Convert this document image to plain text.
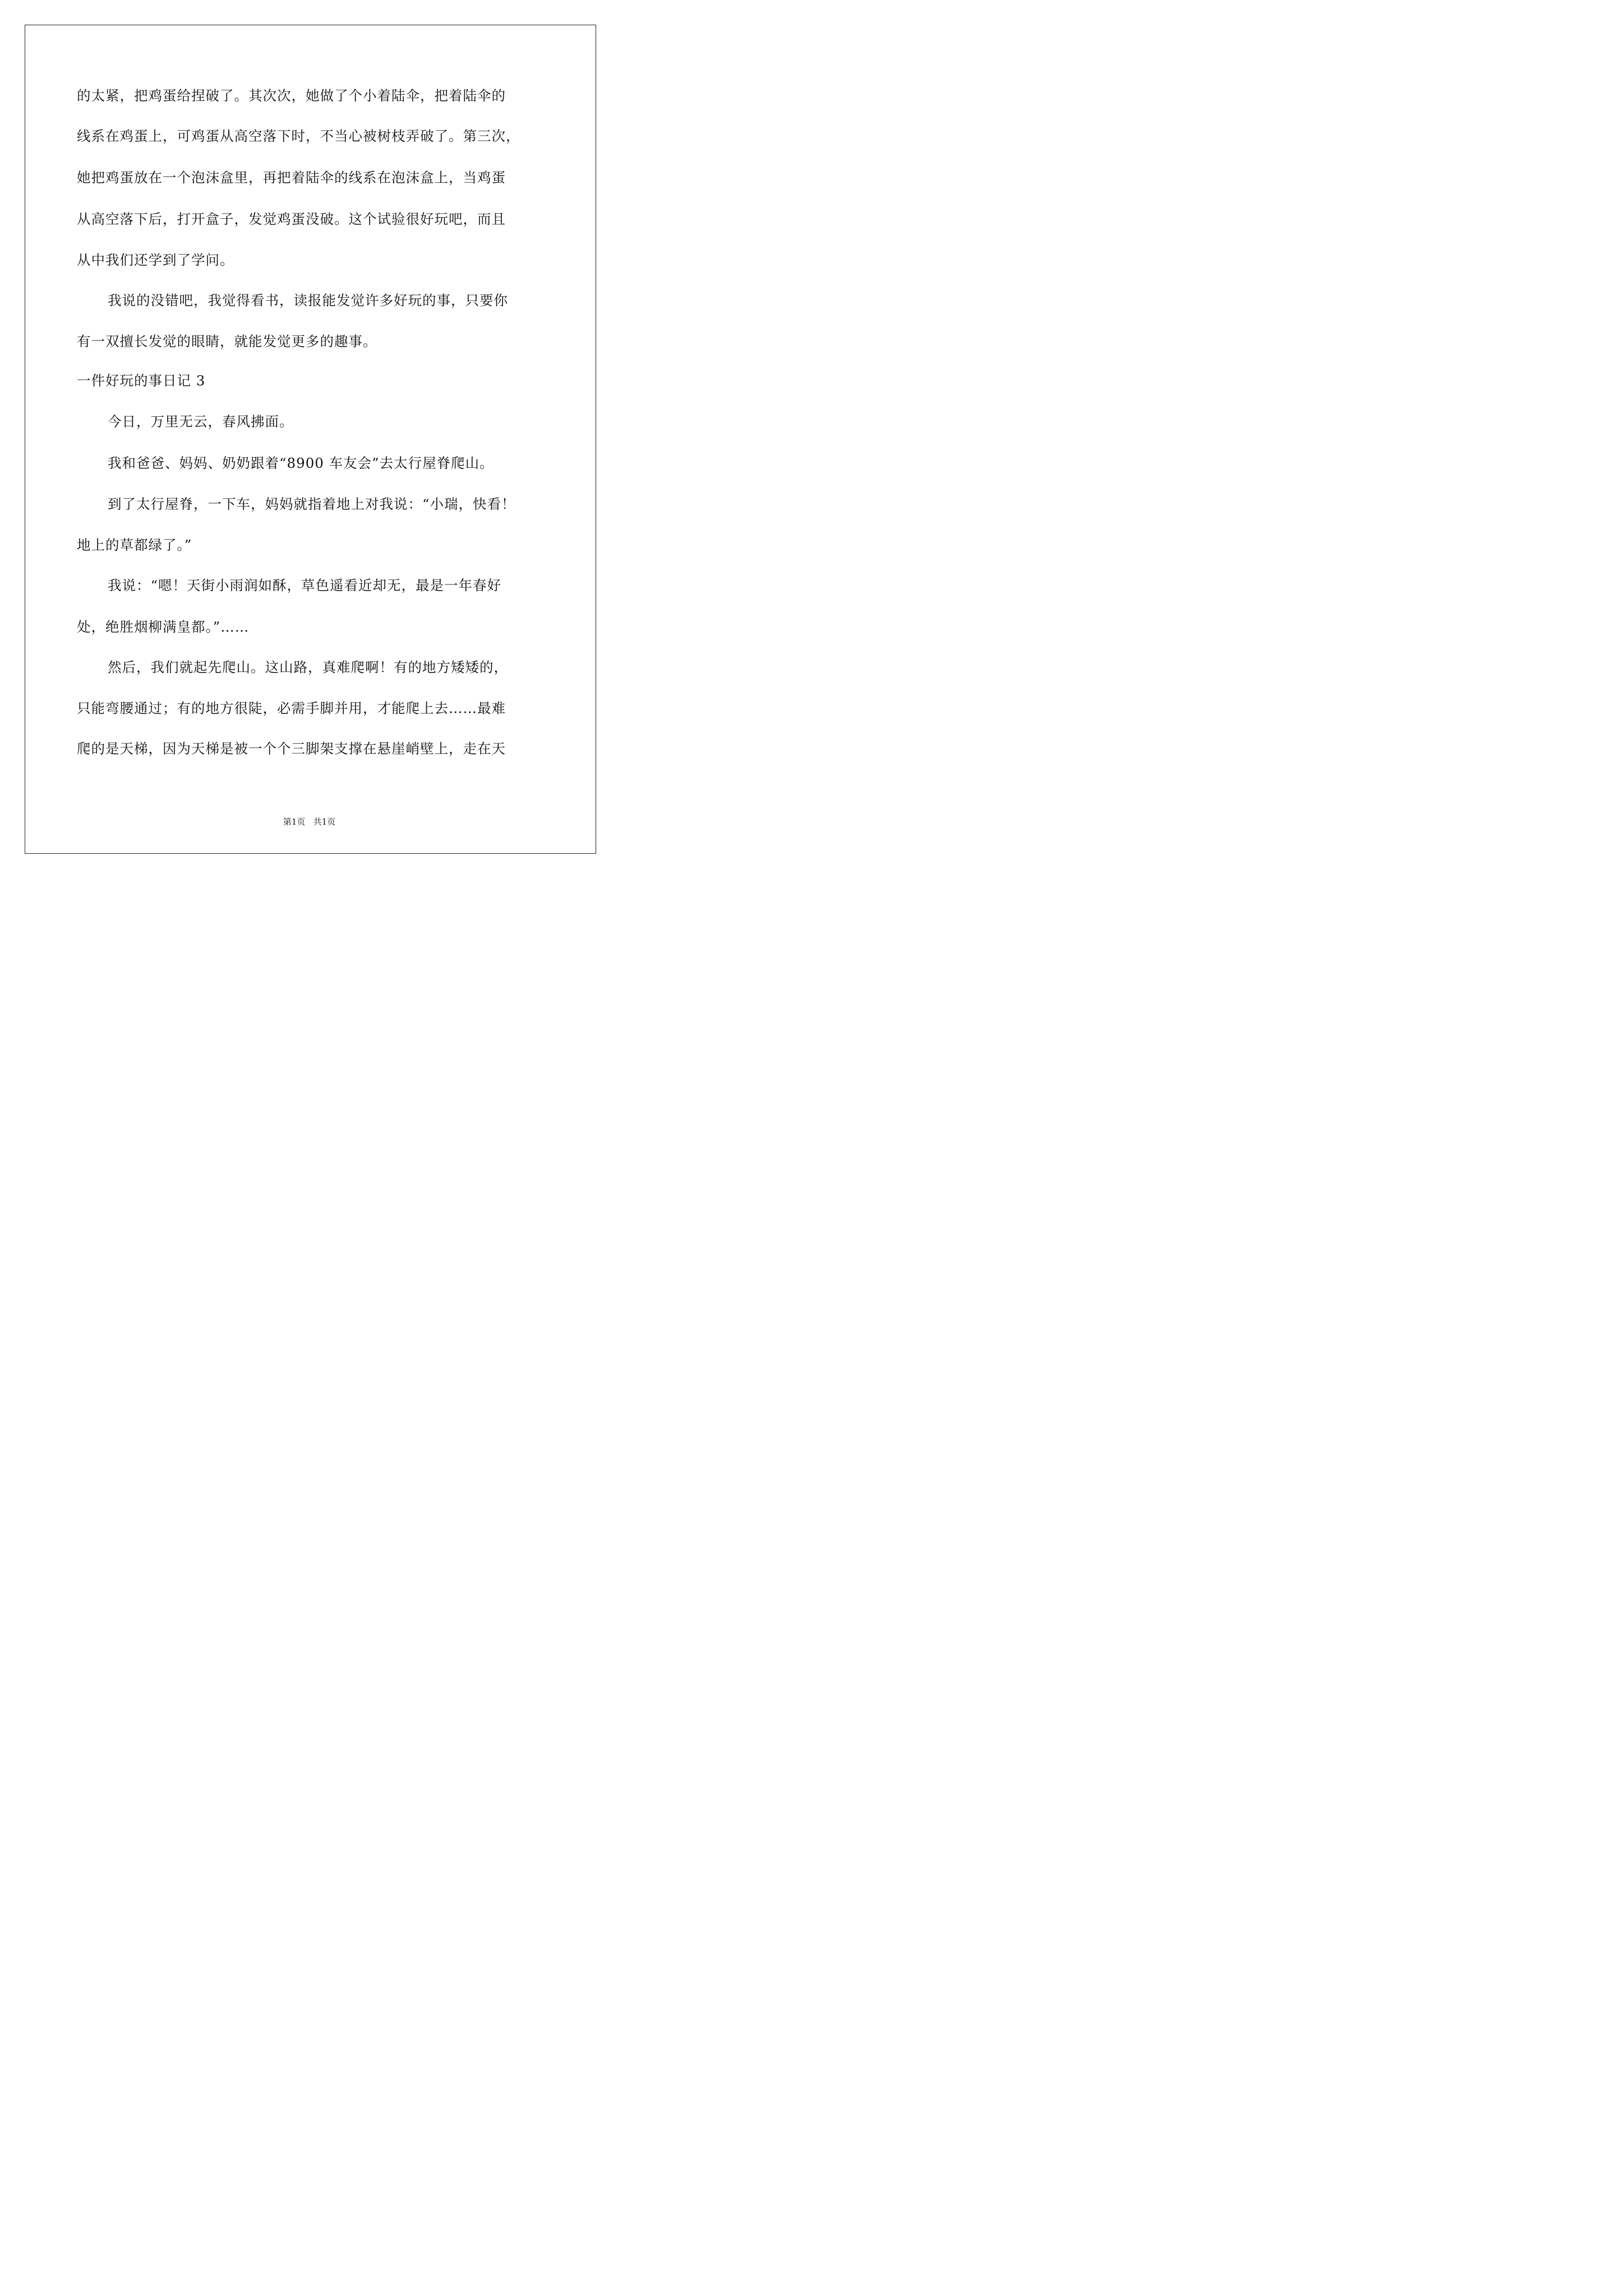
的太紧，把鸡蛋给捏破了。其次次，她做了个小着陆伞，把着陆伞的
线系在鸡蛋上，可鸡蛋从高空落下时，不当心被树枝弄破了。第三次，
她把鸡蛋放在一个泡沫盒里，再把着陆伞的线系在泡沫盒上，当鸡蛋
从高空落下后，打开盒子，发觉鸡蛋没破。这个试验很好玩吧，而且
从中我们还学到了学问。
我说的没错吧，我觉得看书，读报能发觉许多好玩的事，只要你
有一双擅长发觉的眼睛，就能发觉更多的趣事。
一件好玩的事日记 3
今日，万里无云，春风拂面。
我和爸爸、妈妈、奶奶跟着“8900 车友会”去太行屋脊爬山。
到了太行屋脊，一下车，妈妈就指着地上对我说：“小瑞，快看！
地上的草都绿了。”
我说：“嗯！天街小雨润如酥，草色遥看近却无，最是一年春好
处，绝胜烟柳满皇都。”……
然后，我们就起先爬山。这山路，真难爬啊！有的地方矮矮的，
只能弯腰通过；有的地方很陡，必需手脚并用，才能爬上去……最难
爬的是天梯，因为天梯是被一个个三脚架支撑在悬崖峭壁上，走在天
第1页   共1页
